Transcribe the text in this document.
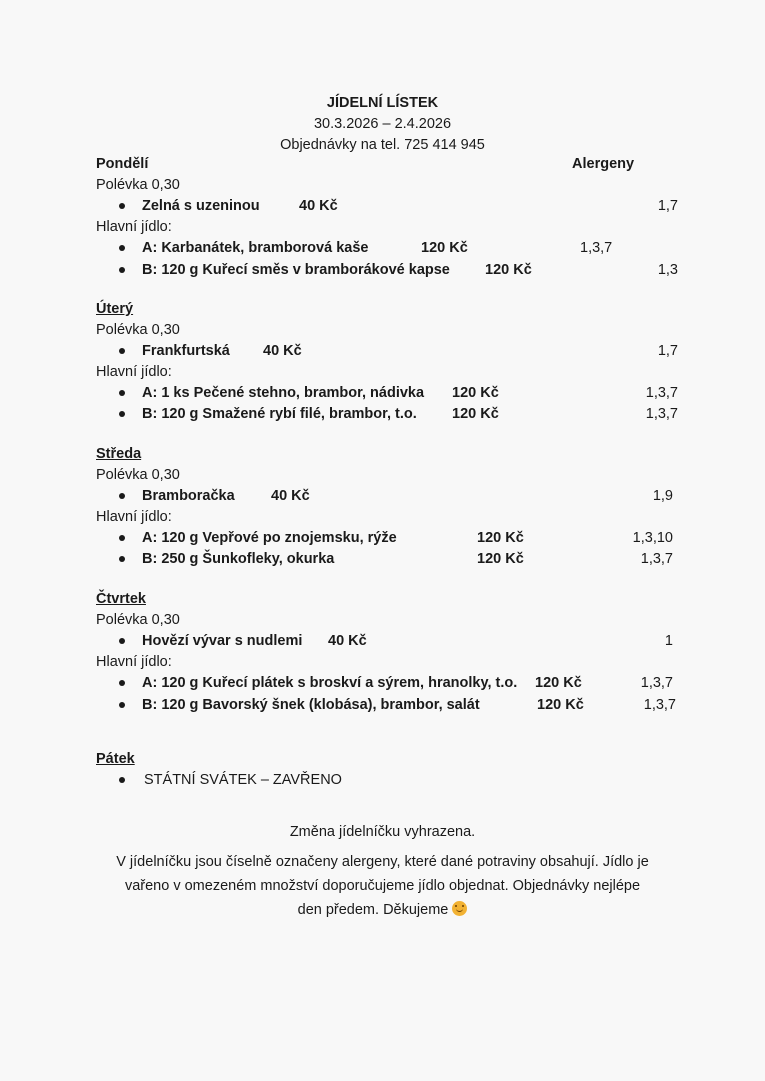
JÍDELNÍ LÍSTEK
30.3.2026 – 2.4.2026
Objednávky na tel. 725 414 945
Pondělí	Alergeny
Polévka 0,30
Zelná s uzeninou	40 Kč	1,7
Hlavní jídlo:
A: Karbanátek, bramborová kaše	120 Kč	1,3,7
B: 120 g Kuřecí směs v bramborákové kapse 120 Kč	1,3
Úterý
Polévka 0,30
Frankfurtská 40 Kč	1,7
Hlavní jídlo:
A: 1 ks Pečené stehno, brambor, nádivka 120 Kč	1,3,7
B: 120 g Smažené rybí filé, brambor, t.o. 120 Kč	1,3,7
Středa
Polévka 0,30
Bramboračka	40 Kč	1,9
Hlavní jídlo:
A: 120 g Vepřové po znojemsku, rýže	120 Kč	1,3,10
B: 250 g Šunkofleky, okurka	120 Kč	1,3,7
Čtvrtek
Polévka 0,30
Hovězí vývar s nudlemi 40 Kč	1
Hlavní jídlo:
A: 120 g Kuřecí plátek s broskví a sýrem, hranolky, t.o. 120 Kč	1,3,7
B: 120 g Bavorský šnek (klobása), brambor, salát	120 Kč	1,3,7
Pátek
STÁTNÍ SVÁTEK – ZAVŘENO
Změna jídelníčku vyhrazena.
V jídelníčku jsou číselně označeny alergeny, které dané potraviny obsahují. Jídlo je
vařeno v omezeném množství doporučujeme jídlo objednat. Objednávky nejlépe
den předem. Děkujeme
